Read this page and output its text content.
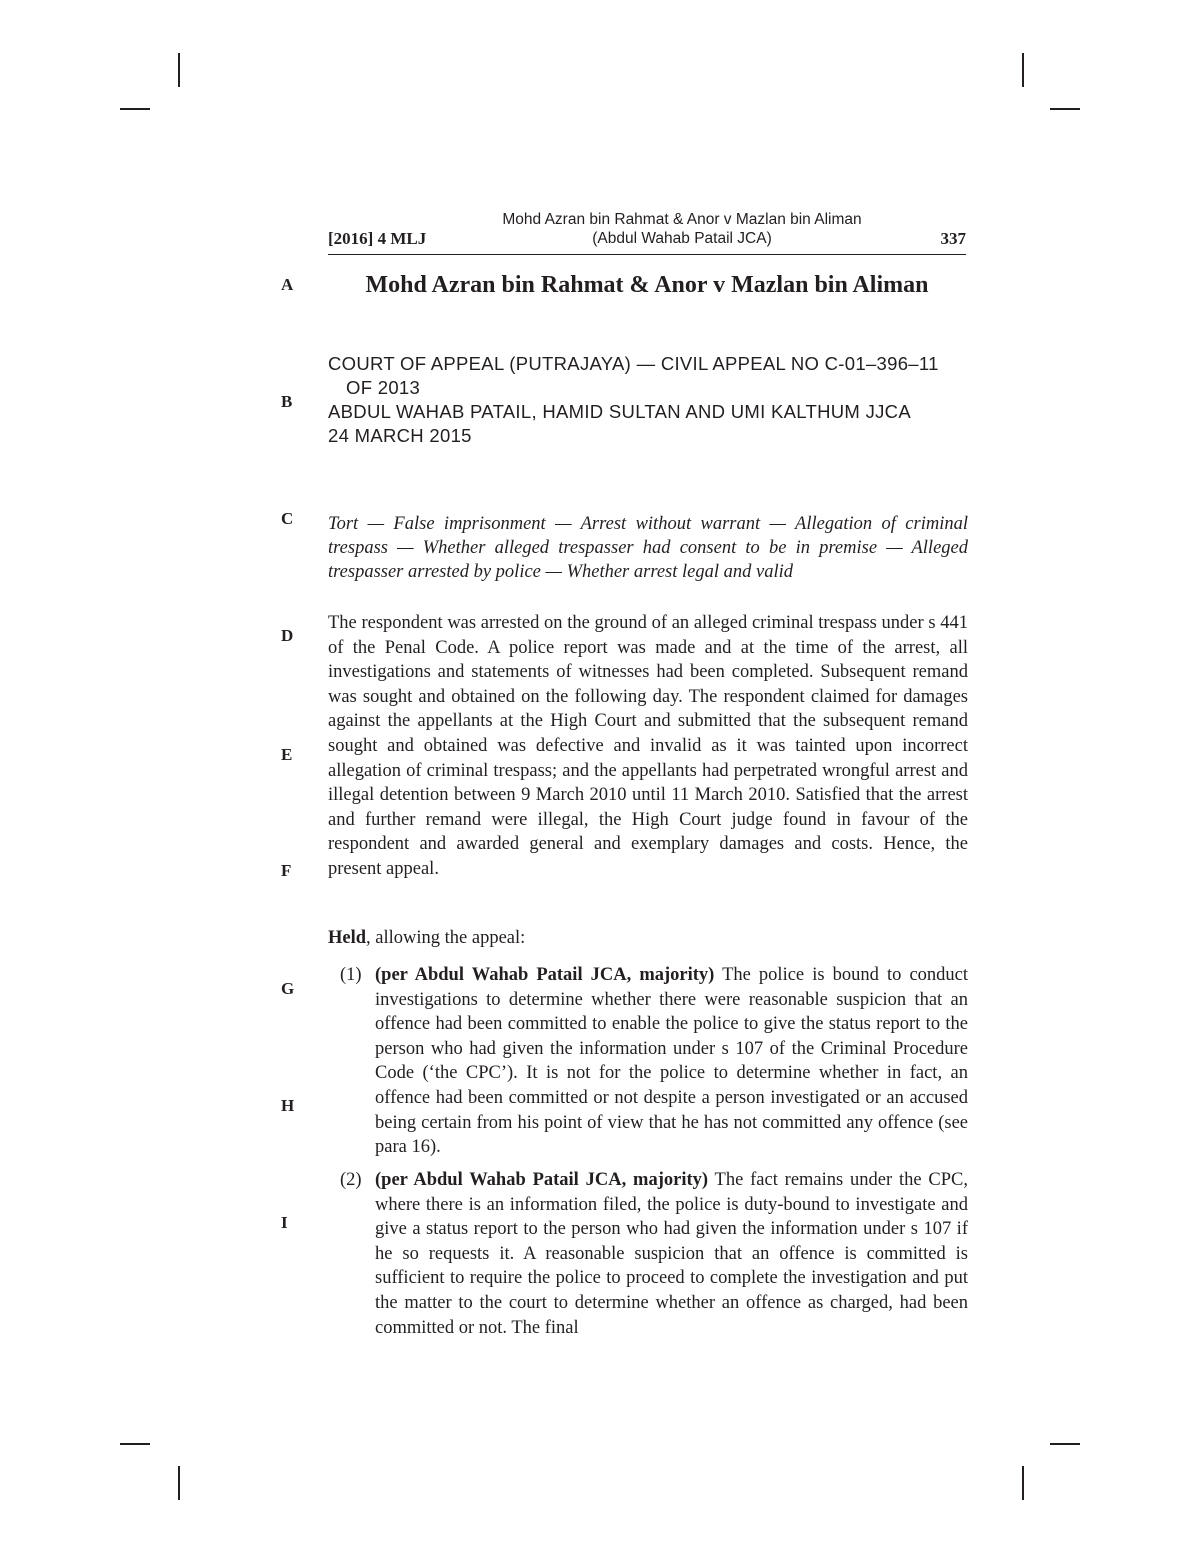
[2016] 4 MLJ
Mohd Azran bin Rahmat & Anor v Mazlan bin Aliman
(Abdul Wahab Patail JCA)	337
A
B
C
D
E
F
G
H
I
Mohd Azran bin Rahmat & Anor v Mazlan bin Aliman

COURT OF APPEAL (PUTRAJAYA) — CIVIL APPEAL NO C-01–396–11 OF 2013

ABDUL WAHAB PATAIL, HAMID SULTAN AND UMI KALTHUM JJCA

24 MARCH 2015

Tort — False imprisonment — Arrest without warrant — Allegation of criminal trespass — Whether alleged trespasser had consent to be in premise — Alleged trespasser arrested by police — Whether arrest legal and valid
The respondent was arrested on the ground of an alleged criminal trespass under s 441 of the Penal Code. A police report was made and at the time of the arrest, all investigations and statements of witnesses had been completed. Subsequent remand was sought and obtained on the following day. The respondent claimed for damages against the appellants at the High Court and submitted that the subsequent remand sought and obtained was defective and invalid as it was tainted upon incorrect allegation of criminal trespass; and the appellants had perpetrated wrongful arrest and illegal detention between 9 March 2010 until 11 March 2010. Satisfied that the arrest and further remand were illegal, the High Court judge found in favour of the respondent and awarded general and exemplary damages and costs. Hence, the present appeal.
Held, allowing the appeal:
(1) (per Abdul Wahab Patail JCA, majority) The police is bound to conduct investigations to determine whether there were reasonable suspicion that an offence had been committed to enable the police to give the status report to the person who had given the information under s 107 of the Criminal Procedure Code (‘the CPC’). It is not for the police to determine whether in fact, an offence had been committed or not despite a person investigated or an accused being certain from his point of view that he has not committed any offence (see para 16).
(2) (per Abdul Wahab Patail JCA, majority) The fact remains under the CPC, where there is an information filed, the police is duty-bound to investigate and give a status report to the person who had given the information under s 107 if he so requests it. A reasonable suspicion that an offence is committed is sufficient to require the police to proceed to complete the investigation and put the matter to the court to determine whether an offence as charged, had been committed or not. The final
